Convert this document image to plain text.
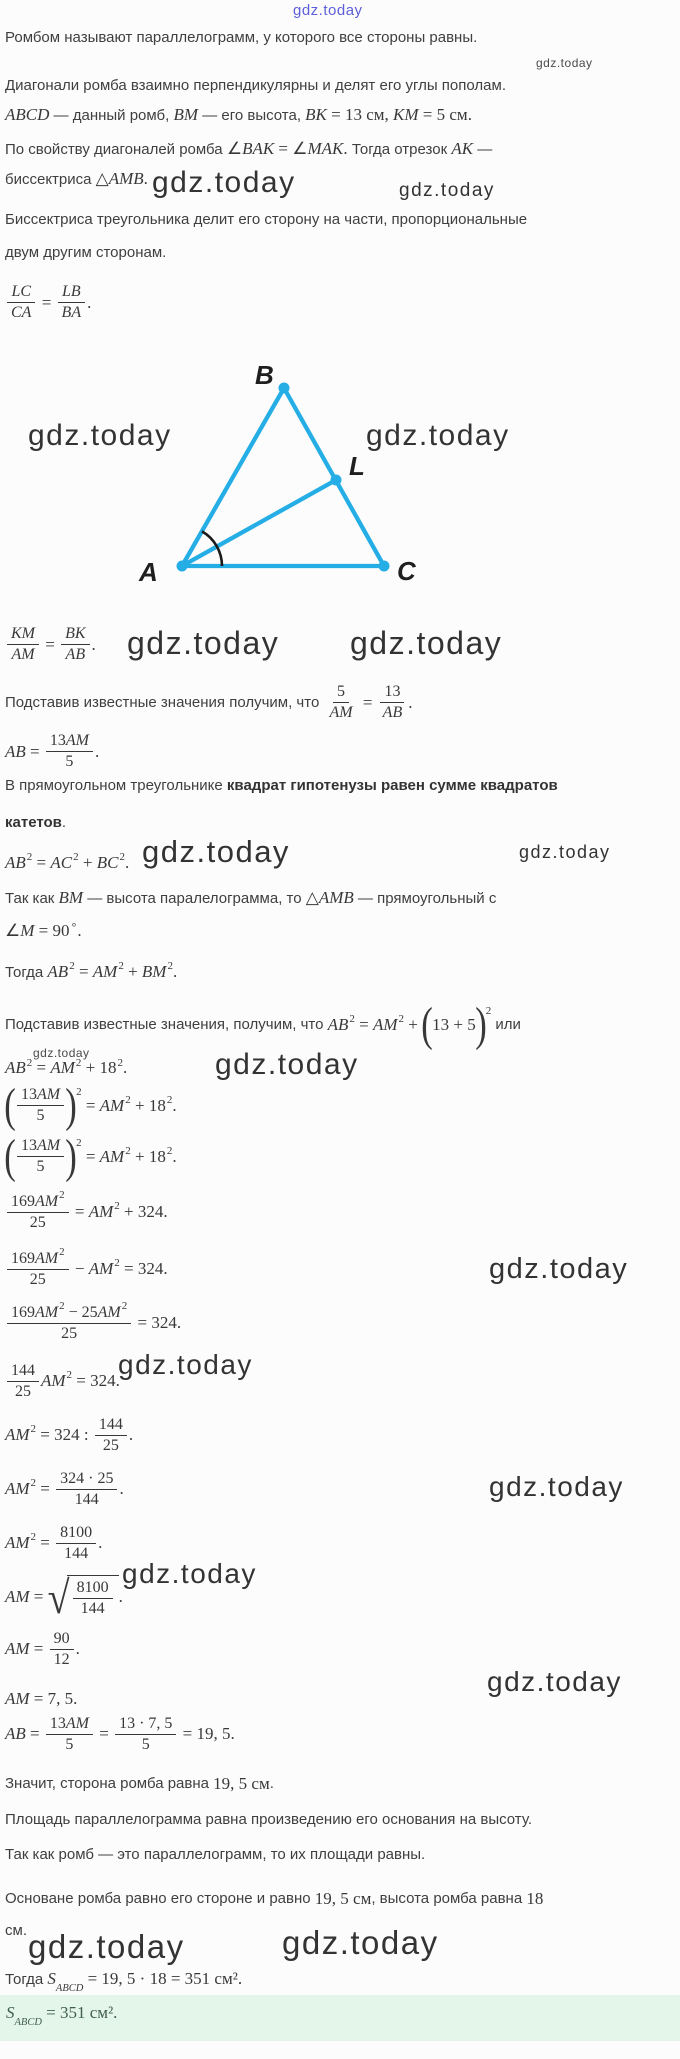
Ромбом называют параллелограмм, у которого все стороны равны.
Диагонали ромба взаимно перпендикулярны и делят его углы пополам.
ABCD — данный ромб, BM — его высота, BK = 13 см, KM = 5 см.
По свойству диагоналей ромба ∠ BAK = ∠ MAK . Тогда отрезок AK —
биссектриса △ AMB .
Биссектриса треугольника делит его сторону на части, пропорциональные
двум другим сторонам.
$\frac{LC}{CA} = \frac{LB}{BA}$ .
B
A	C
L
$\frac{KM}{AM} = \frac{BK}{AB}$ .
Подставив известные значения получим, что $\frac{5}{AM} = \frac{13}{AB}$ .
AB = $\frac{13 AM}{5}$ .
В прямоугольном треугольнике квадрат гипотенузы равен сумме квадратов
катетов.
$AB^2 = AC^2 + BC^2$ .
Так как BM — высота паралелограмма, то △ AMB — прямоугольный с
∠ M = 90∘ .
Тогда $AB^2 = AM^2 + BM^2$ .
Подставив известные значения, получим, что $AB^2 = AM^2$ + ( 13 + 5 ) 2
или
$AB^2 = AM^2 + 18^2$ .
( $\frac{13 AM}{5}$ ) 2
= $AM^2 + 18^2$ .
( $\frac{13 AM}{5}$ ) 2
= $AM^2 + 18^2$ .
$\frac{169 AM^2}{25} = AM^2 + 324$.
$\frac{169 AM^2}{25} - AM^2 = 324$.
$\frac{169 AM^2 - 25 AM^2}{25} = 324$.
$\frac{144}{25} AM^2 = 324$.
$AM^2 = 324$ : $\frac{144}{25}$ .
$AM^2 = \frac{324 \cdot 25}{144}$ .
$AM^2 = \frac{8100}{144}$ .
AM = √ $\frac{8100}{144}$ .
AM = $\frac{90}{12}$ .
AM = 7, 5.
AB = $\frac{13 AM}{5} = \frac{13 \cdot 7, 5}{5} = 19$, 5.
Значит, сторона ромба равна 19, 5 см .
Площадь параллелограмма равна произведению его основания на высоту.
Так как ромб — это параллелограмм, то их площади равны.
Основане ромба равно его стороне и равно 19, 5 см , высота ромба равна 18
см.
Тогда $S_{ABCD}$
= 19, 5 · 18 = 351 см².
$S_{ABCD}$
= 351 см².
gdz.today
gdz.today
gdz.today	gdz.today
gdz.today	gdz.today
gdz.today gdz.today
gdz.today	gdz.today
gdz.today	gdz.today
gdz.today
gdz.today
gdz.today
gdz.today
gdz.today
gdz.today	gdz.today
